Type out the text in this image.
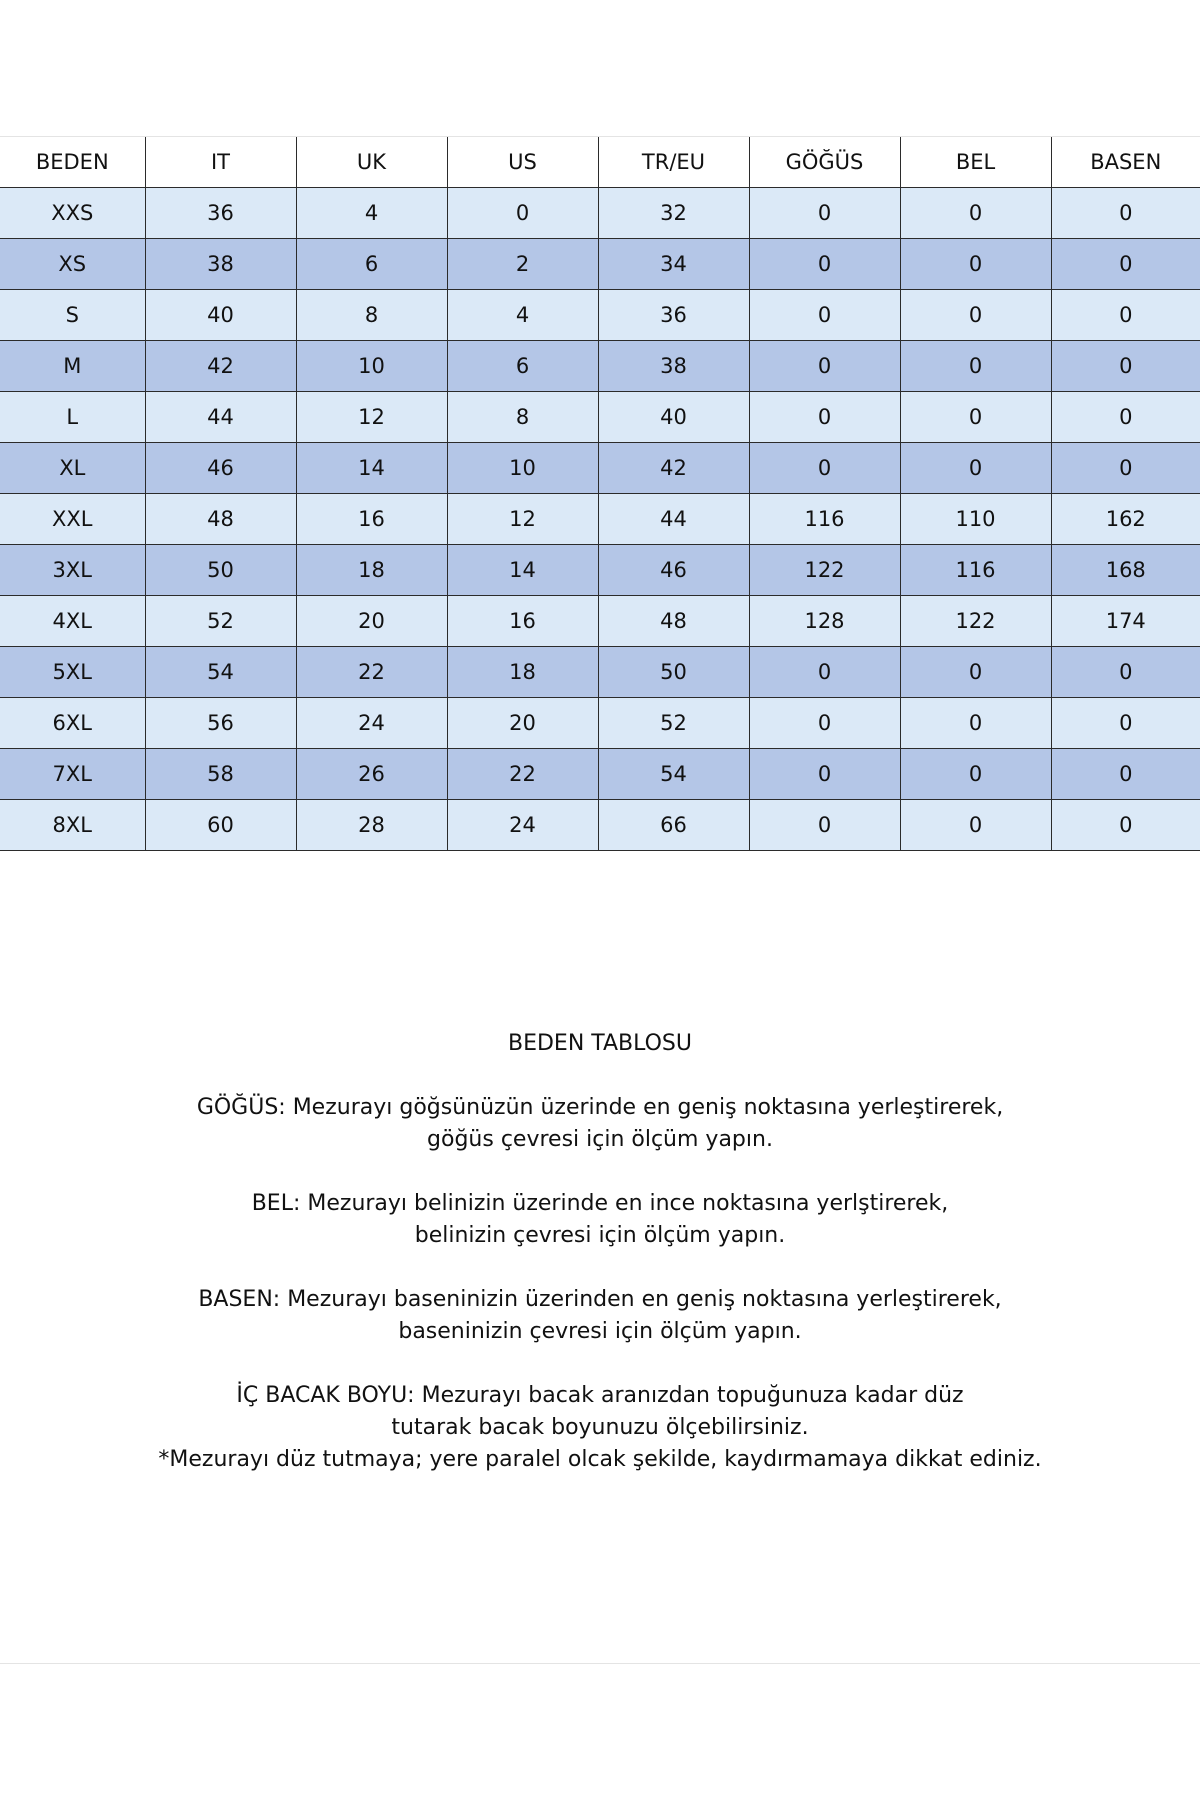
BEDEN	IT	UK	US	TR/EU	GÖĞÜS	BEL	BASEN
XXS	36	4	0	32	0	0	0
XS	38	6	2	34	0	0	0
S	40	8	4	36	0	0	0
M	42	10	6	38	0	0	0
L	44	12	8	40	0	0	0
XL	46	14	10	42	0	0	0
XXL	48	16	12	44	116	110	162
3XL	50	18	14	46	122	116	168
4XL	52	20	16	48	128	122	174
5XL	54	22	18	50	0	0	0
6XL	56	24	20	52	0	0	0
7XL	58	26	22	54	0	0	0
8XL	60	28	24	66	0	0	0
BEDEN TABLOSU
GÖĞÜS: Mezurayı göğsünüzün üzerinde en geniş noktasına yerleştirerek,
göğüs çevresi için ölçüm yapın.
BEL: Mezurayı belinizin üzerinde en ince noktasına yerlştirerek,
belinizin çevresi için ölçüm yapın.
BASEN: Mezurayı baseninizin üzerinden en geniş noktasına yerleştirerek,
baseninizin çevresi için ölçüm yapın.
İÇ BACAK BOYU: Mezurayı bacak aranızdan topuğunuza kadar düz
tutarak bacak boyunuzu ölçebilirsiniz.
*Mezurayı düz tutmaya; yere paralel olcak şekilde, kaydırmamaya dikkat ediniz.
